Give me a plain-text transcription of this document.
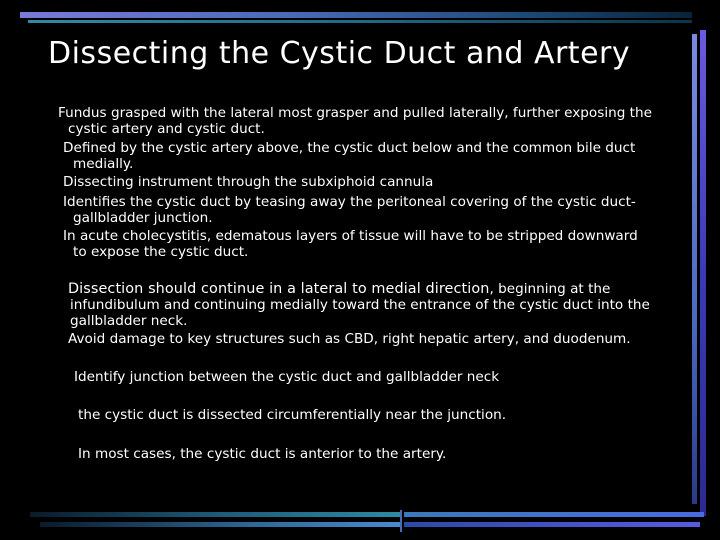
Dissecting the Cystic Duct and Artery
Fundus grasped with the lateral most grasper and pulled laterally, further exposing the
cystic artery and cystic duct.
Defined by the cystic artery above, the cystic duct below and the common bile duct
medially.
Dissecting instrument through the subxiphoid cannula
Identifies the cystic duct by teasing away the peritoneal covering of the cystic duct-
gallbladder junction.
In acute cholecystitis, edematous layers of tissue will have to be stripped downward
to expose the cystic duct.
Dissection should continue in a lateral to medial direction, beginning at the
infundibulum and continuing medially toward the entrance of the cystic duct into the
gallbladder neck.
Avoid damage to key structures such as CBD, right hepatic artery, and duodenum.
Identify junction between the cystic duct and gallbladder neck
the cystic duct is dissected circumferentially near the junction.
In most cases, the cystic duct is anterior to the artery.
